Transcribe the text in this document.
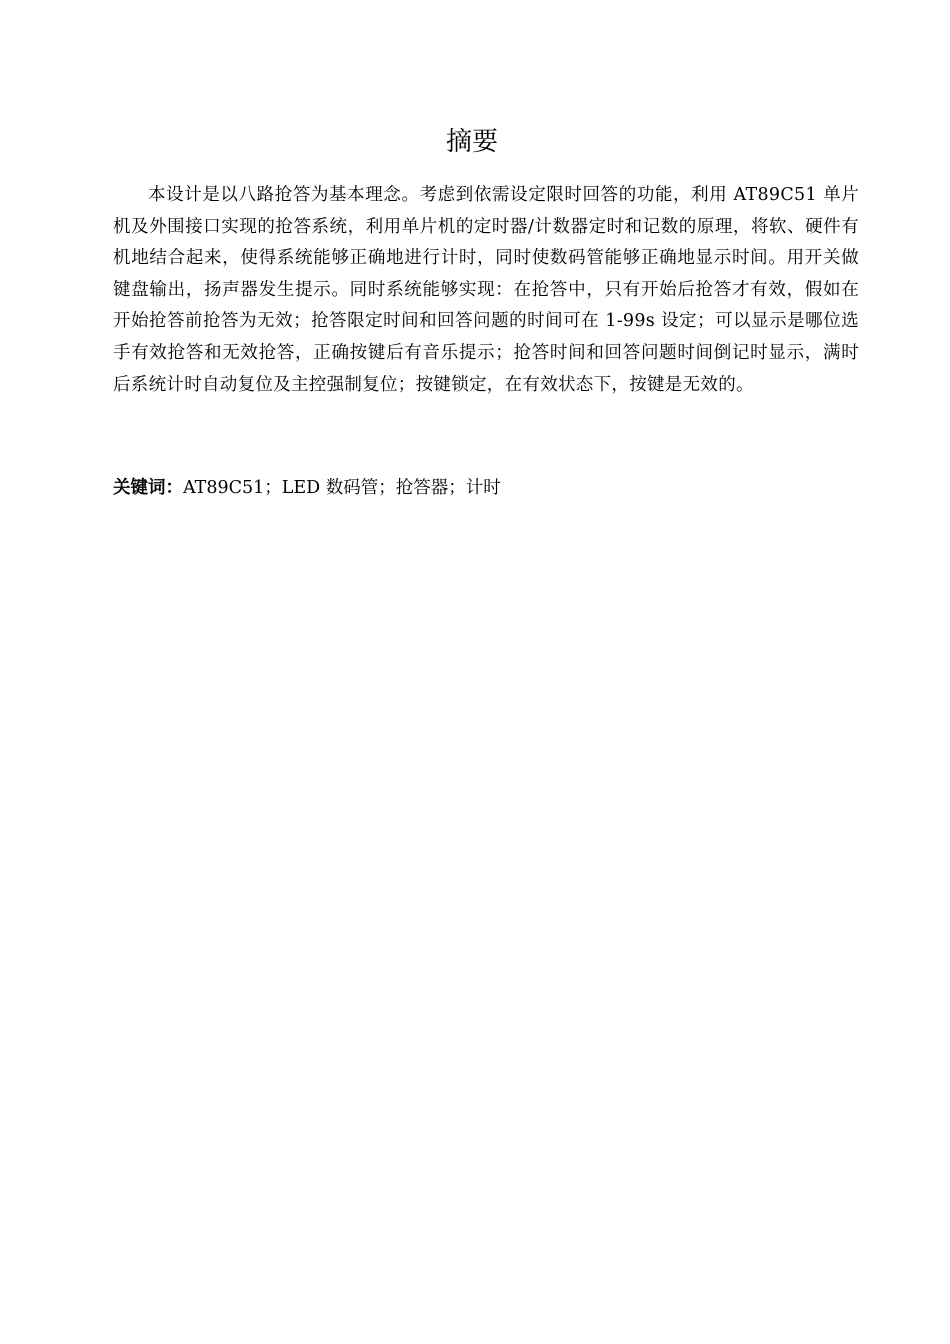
摘要

本设计是以八路抢答为基本理念。考虑到依需设定限时回答的功能，利用 AT89C51 单片机及外围接口实现的抢答系统，利用单片机的定时器/计数器定时和记数的原理，将软、硬件有机地结合起来，使得系统能够正确地进行计时，同时使数码管能够正确地显示时间。用开关做键盘输出，扬声器发生提示。同时系统能够实现：在抢答中，只有开始后抢答才有效，假如在开始抢答前抢答为无效；抢答限定时间和回答问题的时间可在 1-99s 设定；可以显示是哪位选手有效抢答和无效抢答，正确按键后有音乐提示；抢答时间和回答问题时间倒记时显示，满时后系统计时自动复位及主控强制复位；按键锁定，在有效状态下，按键是无效的。

关键词：AT89C51；LED 数码管；抢答器；计时
